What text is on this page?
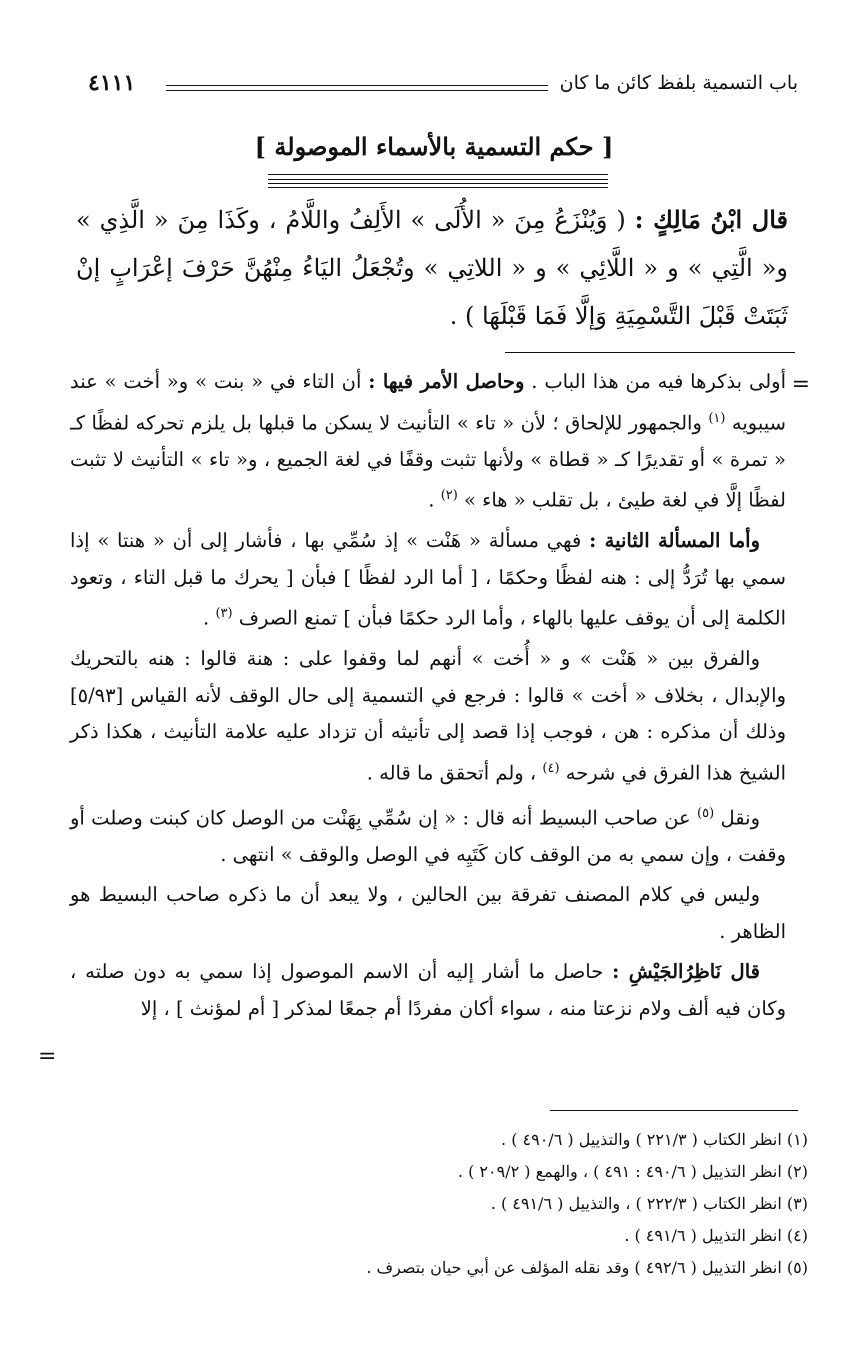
باب التسمية بلفظ كائن ما كان
٤١١١
[ حكم التسمية بالأسماء الموصولة ]
قال ابْنُ مَالِكٍ : ( وَيُنْزَعُ مِنَ « الأُلَى » الأَلِفُ واللَّامُ ، وكَذَا مِنَ « الَّذِي » و« الَّتِي » و « اللَّائِي » و « اللاتِي » وتُجْعَلُ اليَاءُ مِنْهُنَّ حَرْفَ إعْرَابٍ إنْ ثَبَتَتْ قَبْلَ التَّسْمِيَةِ وَإلَّا فَمَا قَبْلَهَا ) .
=

أولى بذكرها فيه من هذا الباب . وحاصل الأمر فيها : أن التاء في « بنت » و« أخت » عند سيبويه $^{(١)}$ والجمهور للإلحاق ؛ لأن « تاء » التأنيث لا يسكن ما قبلها بل يلزم تحركه لفظًا كـ « تمرة » أو تقديرًا كـ « قطاة » ولأنها تثبت وقفًا في لغة الجميع ، و« تاء » التأنيث لا تثبت لفظًا إلَّا في لغة طيئ ، بل تقلب « هاء » $^{(٢)}$ .

وأما المسألة الثانية : فهي مسألة « هَنْت » إذ سُمِّي بها ، فأشار إلى أن « هنتا » إذا سمي بها تُرَدُّ إلى : هنه لفظًا وحكمًا ، [ أما الرد لفظًا ] فبأن [ يحرك ما قبل التاء ، وتعود الكلمة إلى أن يوقف عليها بالهاء ، وأما الرد حكمًا فبأن ] تمنع الصرف $^{(٣)}$ .

والفرق بين « هَنْت » و « أُخت » أنهم لما وقفوا على : هنة قالوا : هنه بالتحريك والإبدال ، بخلاف « أخت » قالوا : فرجع في التسمية إلى حال الوقف لأنه القياس [٥/٩٣] وذلك أن مذكره : هن ، فوجب إذا قصد إلى تأنيثه أن تزداد عليه علامة التأنيث ، هكذا ذكر الشيخ هذا الفرق في شرحه $^{(٤)}$ ، ولم أتحقق ما قاله .

ونقل $^{(٥)}$ عن صاحب البسيط أنه قال : « إن سُمِّي بِهَنْت من الوصل كان كبنت وصلت أو وقفت ، وإن سمي به من الوقف كان كَتَيِه في الوصل والوقف » انتهى .

وليس في كلام المصنف تفرقة بين الحالين ، ولا يبعد أن ما ذكره صاحب البسيط هو الظاهر .

قال نَاظِرُالجَيْشِ : حاصل ما أشار إليه أن الاسم الموصول إذا سمي به دون صلته ، وكان فيه ألف ولام نزعتا منه ، سواء أكان مفردًا أم جمعًا لمذكر [ أم لمؤنث ] ، إلا

=
(١) انظر الكتاب ( ٢٢١/٣ ) والتذييل ( ٤٩٠/٦ ) .
(٢) انظر التذييل ( ٤٩٠/٦ : ٤٩١ ) ، والهمع ( ٢٠٩/٢ ) .
(٣) انظر الكتاب ( ٢٢٢/٣ ) ، والتذييل ( ٤٩١/٦ ) .
(٤) انظر التذييل ( ٤٩١/٦ ) .
(٥) انظر التذييل ( ٤٩٢/٦ ) وقد نقله المؤلف عن أبي حيان بتصرف .
